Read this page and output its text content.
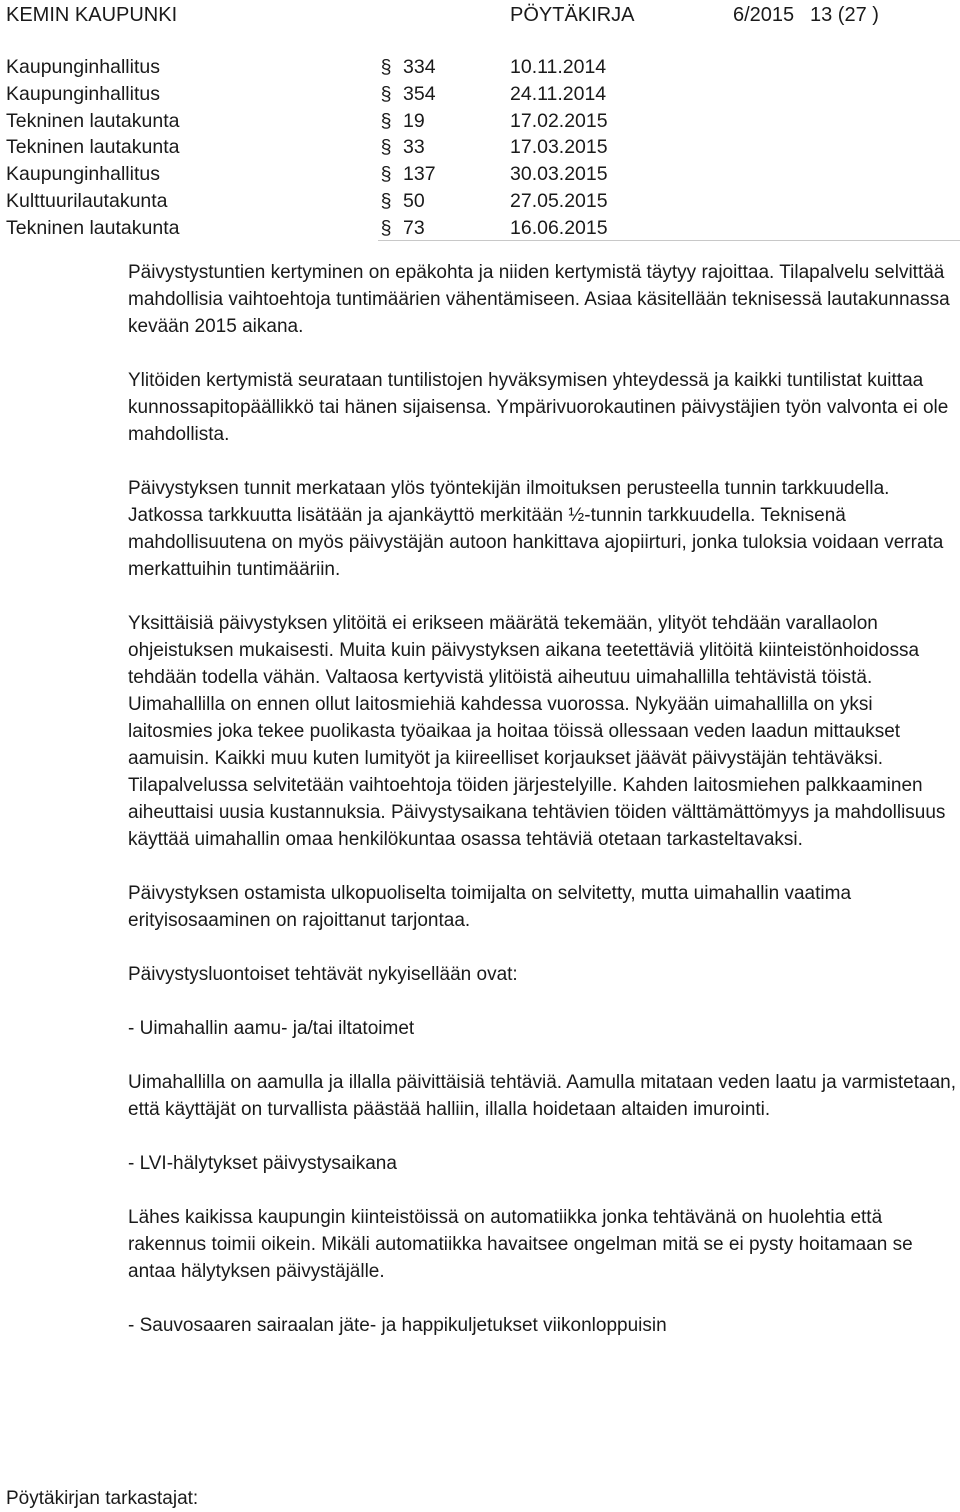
KEMIN KAUPUNKI	PÖYTÄKIRJA	6/2015 13 (27 )
Kaupunginhallitus	§ 334	10.11.2014
Kaupunginhallitus	§ 354	24.11.2014
Tekninen lautakunta	§ 19	17.02.2015
Tekninen lautakunta	§ 33	17.03.2015
Kaupunginhallitus	§ 137	30.03.2015
Kulttuurilautakunta	§ 50	27.05.2015
Tekninen lautakunta	§ 73	16.06.2015

Päivystystuntien kertyminen on epäkohta ja niiden kertymistä täytyy rajoittaa. Tilapalvelu selvittää mahdollisia vaihtoehtoja tuntimäärien vähentämiseen. Asiaa käsitellään teknisessä lautakunnassa kevään 2015 aikana.

Ylitöiden kertymistä seurataan tuntilistojen hyväksymisen yhteydessä ja kaikki tuntilistat kuittaa kunnossapitopäällikkö tai hänen sijaisensa. Ympärivuorokautinen päivystäjien työn valvonta ei ole mahdollista.

Päivystyksen tunnit merkataan ylös työntekijän ilmoituksen perusteella tunnin tarkkuudella. Jatkossa tarkkuutta lisätään ja ajankäyttö merkitään ½-tunnin tarkkuudella. Teknisenä mahdollisuutena on myös päivystäjän autoon hankittava ajopiirturi, jonka tuloksia voidaan verrata merkattuihin tuntimääriin.

Yksittäisiä päivystyksen ylitöitä ei erikseen määrätä tekemään, ylityöt tehdään varallaolon ohjeistuksen mukaisesti. Muita kuin päivystyksen aikana teetettäviä ylitöitä kiinteistönhoidossa tehdään todella vähän. Valtaosa kertyvistä ylitöistä aiheutuu uimahallilla tehtävistä töistä. Uimahallilla on ennen ollut laitosmiehiä kahdessa vuorossa. Nykyään uimahallilla on yksi laitosmies joka tekee puolikasta työaikaa ja hoitaa töissä ollessaan veden laadun mittaukset aamuisin. Kaikki muu kuten lumityöt ja kiireelliset korjaukset jäävät päivystäjän tehtäväksi. Tilapalvelussa selvitetään vaihtoehtoja töiden järjestelyille. Kahden laitosmiehen palkkaaminen aiheuttaisi uusia kustannuksia. Päivystysaikana tehtävien töiden välttämättömyys ja mahdollisuus käyttää uimahallin omaa henkilökuntaa osassa tehtäviä otetaan tarkasteltavaksi.

Päivystyksen ostamista ulkopuoliselta toimijalta on selvitetty, mutta uimahallin vaatima erityisosaaminen on rajoittanut tarjontaa.

Päivystysluontoiset tehtävät nykyisellään ovat:

- Uimahallin aamu- ja/tai iltatoimet

Uimahallilla on aamulla ja illalla päivittäisiä tehtäviä. Aamulla mitataan veden laatu ja varmistetaan, että käyttäjät on turvallista päästää halliin, illalla hoidetaan altaiden imurointi.

- LVI-hälytykset päivystysaikana

Lähes kaikissa kaupungin kiinteistöissä on automatiikka jonka tehtävänä on huolehtia että rakennus toimii oikein. Mikäli automatiikka havaitsee ongelman mitä se ei pysty hoitamaan se antaa hälytyksen päivystäjälle.

- Sauvosaaren sairaalan jäte- ja happikuljetukset viikonloppuisin

Pöytäkirjan tarkastajat:
